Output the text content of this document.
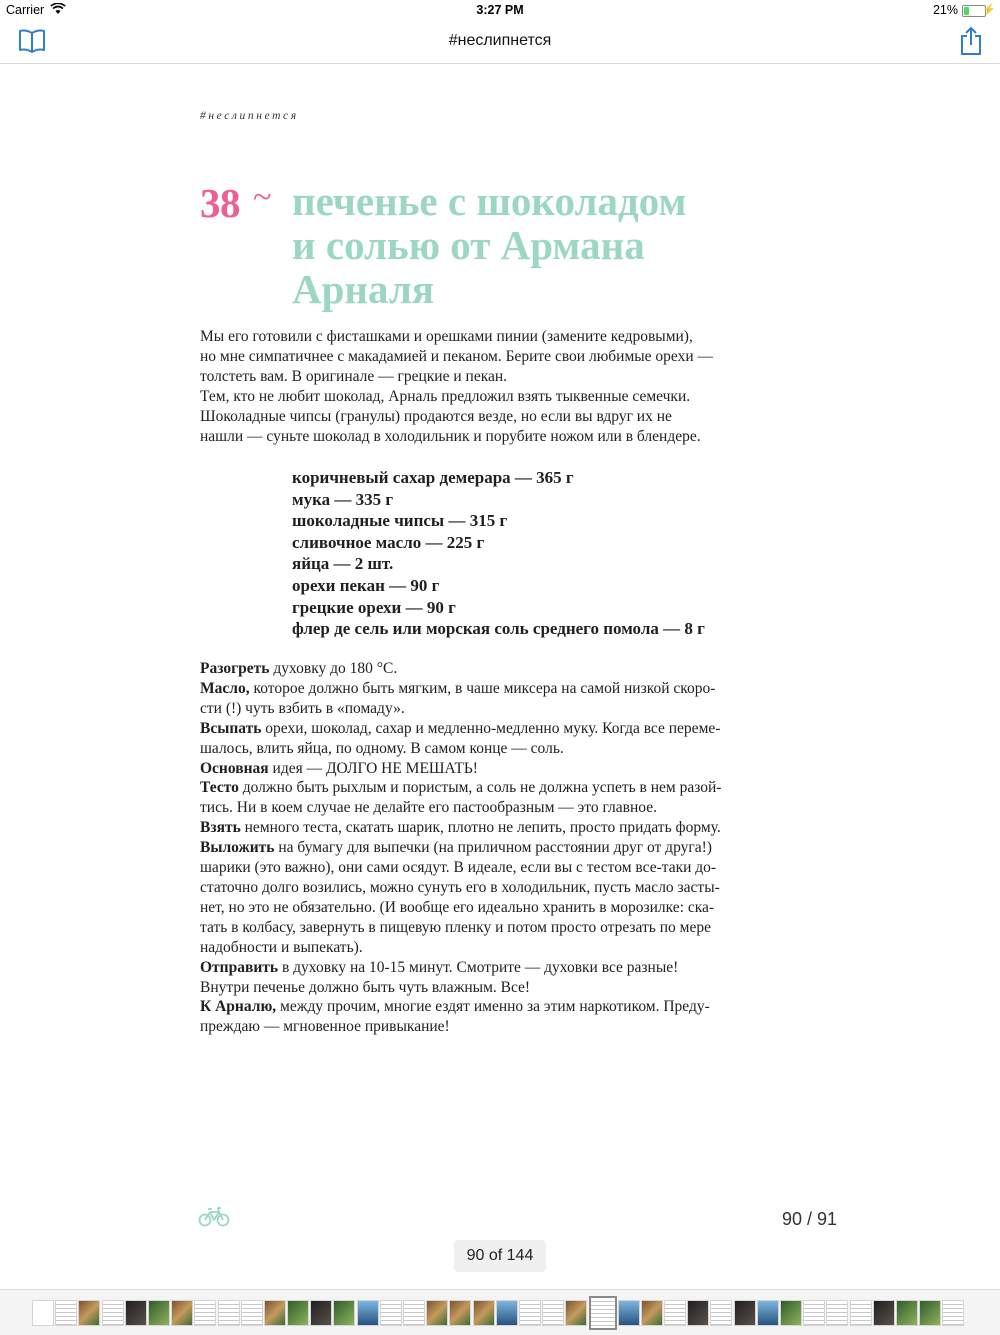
Carrier	3:27 PM	21% ⚡
#неслипнется
#неслипнется
38 ~ печенье с шоколадом
и солью от Армана
Арналя

Мы его готовили с фисташками и орешками пинии (замените кедровыми),

но мне симпатичнее с макадамией и пеканом. Берите свои любимые орехи —

толстеть вам. В оригинале — грецкие и пекан.

Тем, кто не любит шоколад, Арналь предложил взять тыквенные семечки.

Шоколадные чипсы (гранулы) продаются везде, но если вы вдруг их не

нашли — суньте шоколад в холодильник и порубите ножом или в блендере.

коричневый сахар демерара — 365 г
мука — 335 г
шоколадные чипсы — 315 г
сливочное масло — 225 г
яйца — 2 шт.
орехи пекан — 90 г
грецкие орехи — 90 г
флер де сель или морская соль среднего помола — 8 г

Разогреть духовку до 180 °С.

Масло, которое должно быть мягким, в чаше миксера на самой низкой скоро-

сти (!) чуть взбить в «помаду».

Всыпать орехи, шоколад, сахар и медленно-медленно муку. Когда все переме-

шалось, влить яйца, по одному. В самом конце — соль.

Основная идея — ДОЛГО НЕ МЕШАТЬ!

Тесто должно быть рыхлым и пористым, а соль не должна успеть в нем разой-

тись. Ни в коем случае не делайте его пастообразным — это главное.

Взять немного теста, скатать шарик, плотно не лепить, просто придать форму.

Выложить на бумагу для выпечки (на приличном расстоянии друг от друга!)

шарики (это важно), они сами осядут. В идеале, если вы с тестом все-таки до-

статочно долго возились, можно сунуть его в холодильник, пусть масло засты-

нет, но это не обязательно. (И вообще его идеально хранить в морозилке: ска-

тать в колбасу, завернуть в пищевую пленку и потом просто отрезать по мере

надобности и выпекать).

Отправить в духовку на 10-15 минут. Смотрите — духовки все разные!

Внутри печенье должно быть чуть влажным. Все!

К Арналю, между прочим, многие ездят именно за этим наркотиком. Преду-

преждаю — мгновенное привыкание!

90 / 91
90 of 144
